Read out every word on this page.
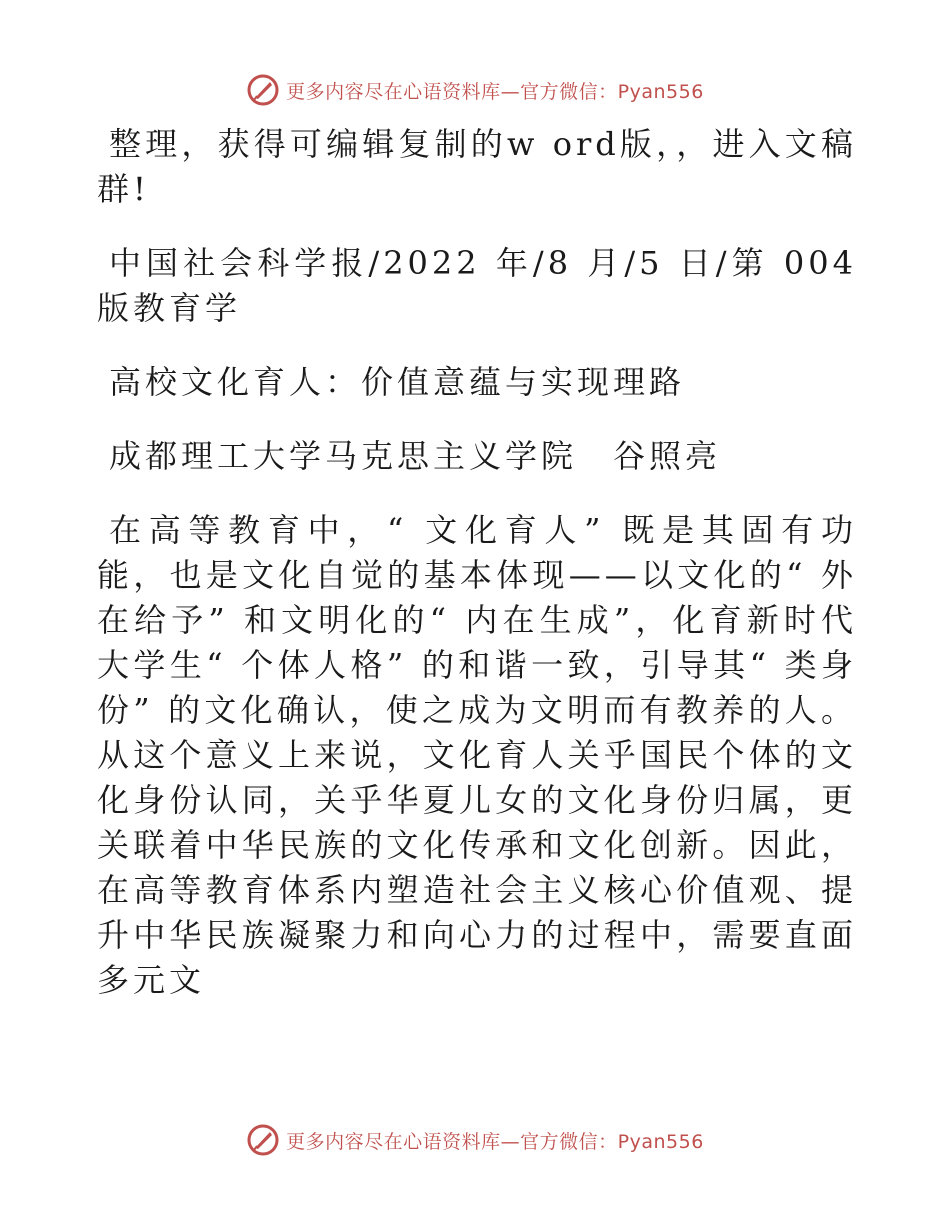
更多内容尽在心语资料库—官方微信：Pyan556

整理，获得可编辑复制的w ord版，，进入文稿群!

中国社会科学报/2022 年/8 月/5 日/第 004 版教育学

高校文化育人：价值意蕴与实现理路

成都理工大学马克思主义学院　谷照亮

在高等教育中，“ 文化育人” 既是其固有功能，也是文化自觉的基本体现——以文化的“ 外在给予” 和文明化的“ 内在生成”，化育新时代大学生“ 个体人格” 的和谐一致，引导其“ 类身份” 的文化确认，使之成为文明而有教养的人。从这个意义上来说，文化育人关乎国民个体的文化身份认同，关乎华夏儿女的文化身份归属，更关联着中华民族的文化传承和文化创新。因此，在高等教育体系内塑造社会主义核心价值观、提升中华民族凝聚力和向心力的过程中，需要直面多元文

更多内容尽在心语资料库—官方微信：Pyan556
